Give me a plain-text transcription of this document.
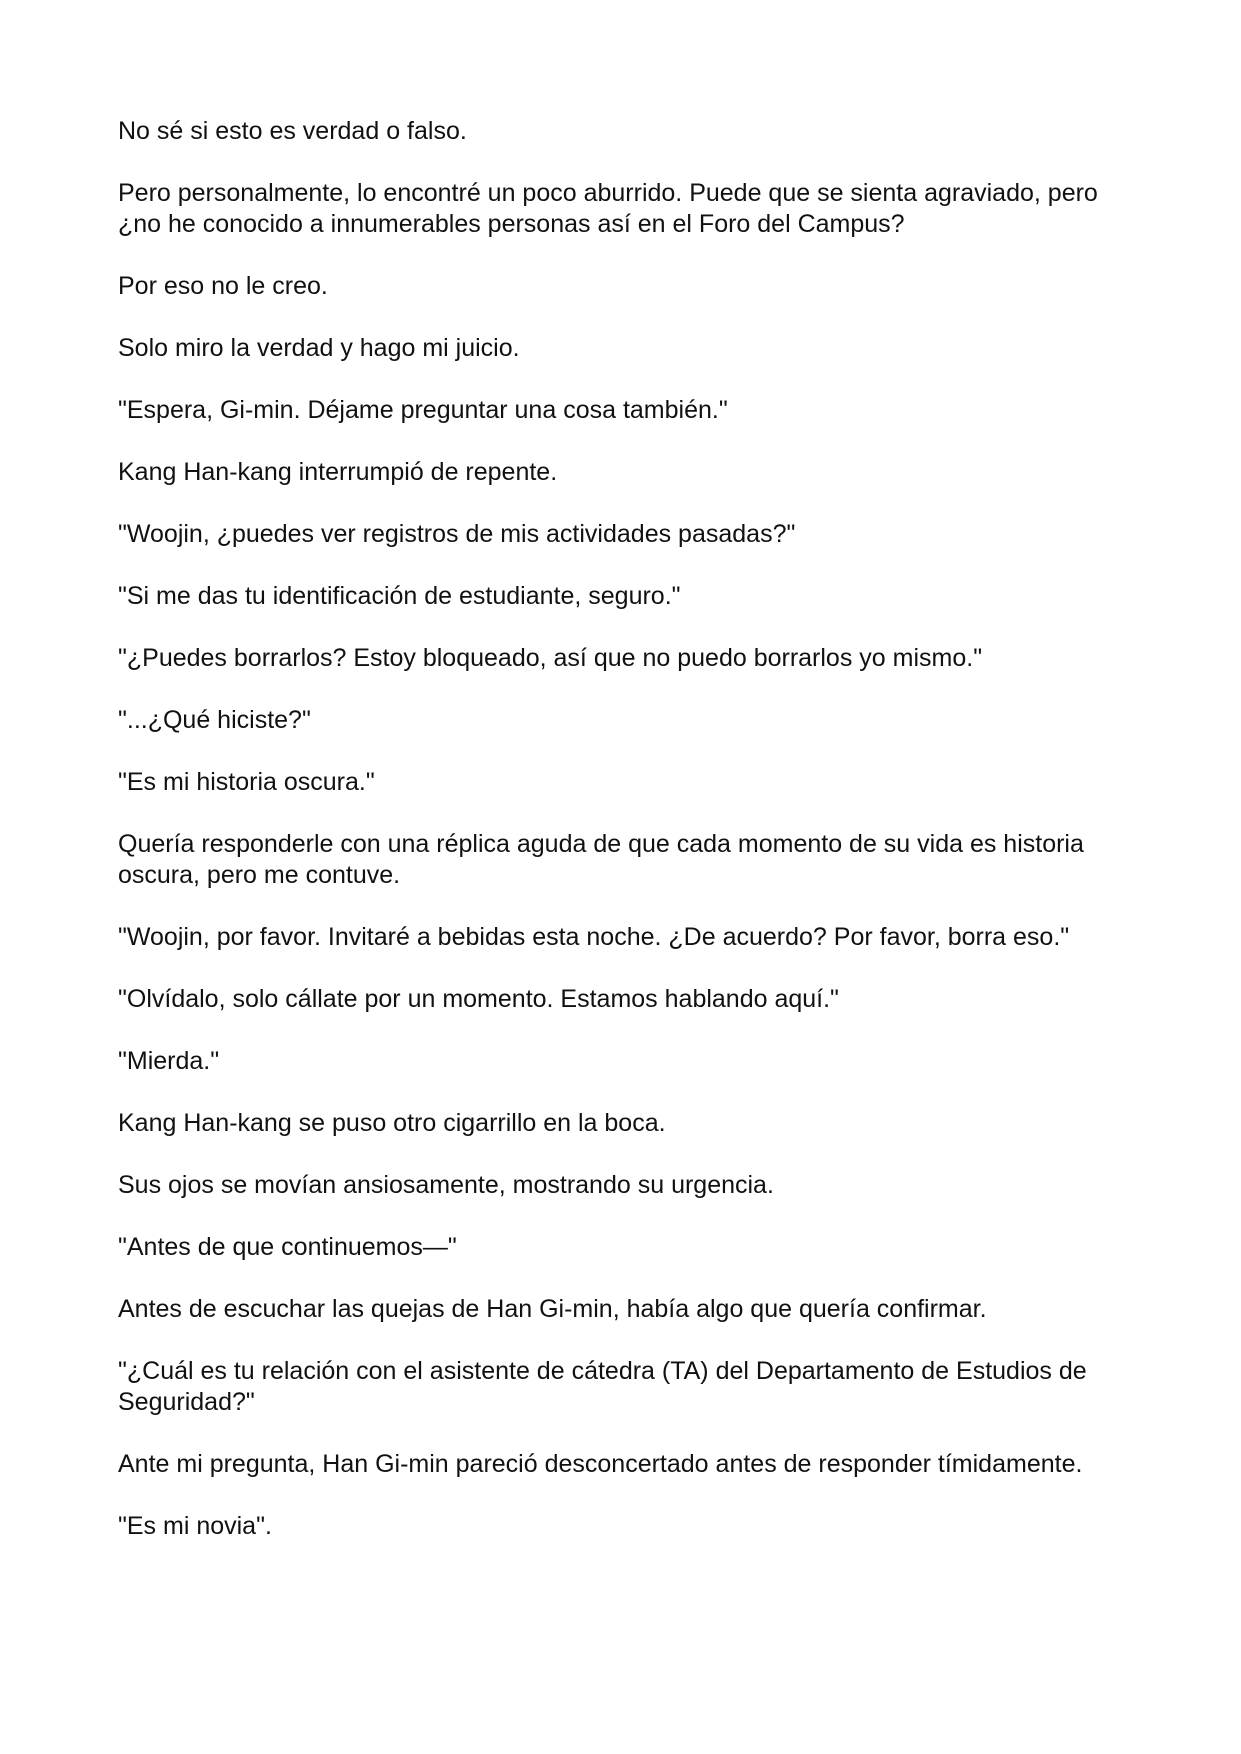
No sé si esto es verdad o falso.

Pero personalmente, lo encontré un poco aburrido. Puede que se sienta agraviado, pero ¿no he conocido a innumerables personas así en el Foro del Campus?

Por eso no le creo.

Solo miro la verdad y hago mi juicio.

"Espera, Gi-min. Déjame preguntar una cosa también."

Kang Han-kang interrumpió de repente.

"Woojin, ¿puedes ver registros de mis actividades pasadas?"

"Si me das tu identificación de estudiante, seguro."

"¿Puedes borrarlos? Estoy bloqueado, así que no puedo borrarlos yo mismo."

"...¿Qué hiciste?"

"Es mi historia oscura."

Quería responderle con una réplica aguda de que cada momento de su vida es historia oscura, pero me contuve.

"Woojin, por favor. Invitaré a bebidas esta noche. ¿De acuerdo? Por favor, borra eso."

"Olvídalo, solo cállate por un momento. Estamos hablando aquí."

"Mierda."

Kang Han-kang se puso otro cigarrillo en la boca.

Sus ojos se movían ansiosamente, mostrando su urgencia.

"Antes de que continuemos—"

Antes de escuchar las quejas de Han Gi-min, había algo que quería confirmar.

"¿Cuál es tu relación con el asistente de cátedra (TA) del Departamento de Estudios de Seguridad?"

Ante mi pregunta, Han Gi-min pareció desconcertado antes de responder tímidamente.

"Es mi novia".
